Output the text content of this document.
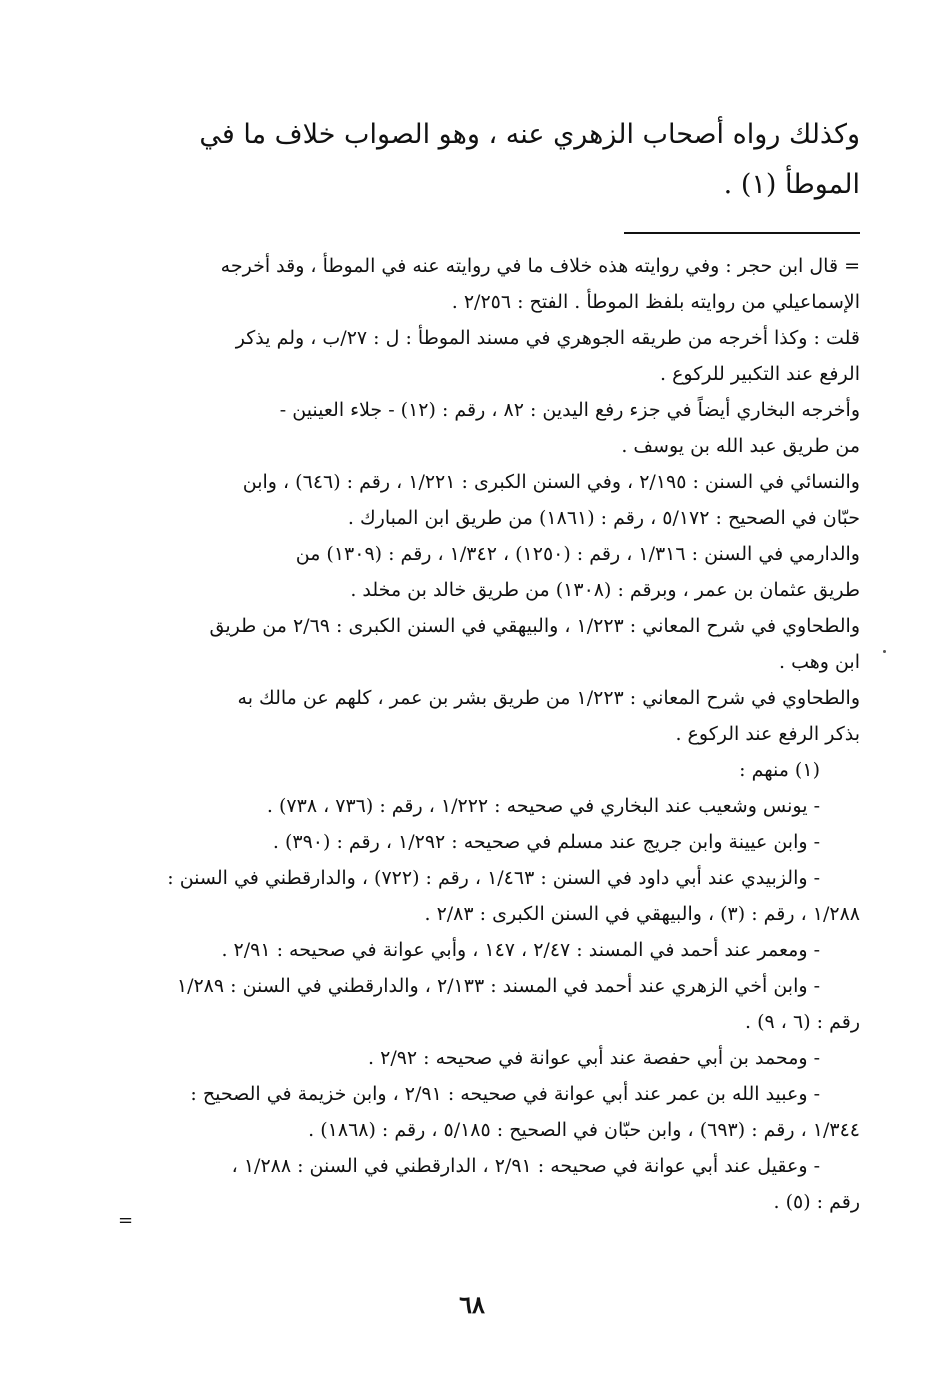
وكذلك رواه أصحاب الزهري عنه ، وهو الصواب خلاف ما في

الموطأ (١) .

= قال ابن حجر : وفي روايته هذه خلاف ما في روايته عنه في الموطأ ، وقد أخرجه

الإسماعيلي من روايته بلفظ الموطأ . الفتح : ٢/٢٥٦ .

قلت : وكذا أخرجه من طريقه الجوهري في مسند الموطأ : ل : ٢٧/ب ، ولم يذكر

الرفع عند التكبير للركوع .

وأخرجه البخاري أيضاً في جزء رفع اليدين : ٨٢ ، رقم : (١٢) - جلاء العينين -

من طريق عبد الله بن يوسف .

والنسائي في السنن : ٢/١٩٥ ، وفي السنن الكبرى : ١/٢٢١ ، رقم : (٦٤٦) ، وابن

حبّان في الصحيح : ٥/١٧٢ ، رقم : (١٨٦١) من طريق ابن المبارك .

والدارمي في السنن : ١/٣١٦ ، رقم : (١٢٥٠) ، ١/٣٤٢ ، رقم : (١٣٠٩) من

طريق عثمان بن عمر ، وبرقم : (١٣٠٨) من طريق خالد بن مخلد .

والطحاوي في شرح المعاني : ١/٢٢٣ ، والبيهقي في السنن الكبرى : ٢/٦٩ من طريق

ابن وهب .

والطحاوي في شرح المعاني : ١/٢٢٣ من طريق بشر بن عمر ، كلهم عن مالك به

بذكر الرفع عند الركوع .

(١) منهم :

- يونس وشعيب عند البخاري في صحيحه : ١/٢٢٢ ، رقم : (٧٣٦ ، ٧٣٨) .

- وابن عيينة وابن جريج عند مسلم في صحيحه : ١/٢٩٢ ، رقم : (٣٩٠) .

- والزبيدي عند أبي داود في السنن : ١/٤٦٣ ، رقم : (٧٢٢) ، والدارقطني في السنن :

١/٢٨٨ ، رقم : (٣) ، والبيهقي في السنن الكبرى : ٢/٨٣ .

- ومعمر عند أحمد في المسند : ٢/٤٧ ، ١٤٧ ، وأبي عوانة في صحيحه : ٢/٩١ .

- وابن أخي الزهري عند أحمد في المسند : ٢/١٣٣ ، والدارقطني في السنن : ١/٢٨٩

رقم : (٦ ، ٩) .

- ومحمد بن أبي حفصة عند أبي عوانة في صحيحه : ٢/٩٢ .

- وعبيد الله بن عمر عند أبي عوانة في صحيحه : ٢/٩١ ، وابن خزيمة في الصحيح :

١/٣٤٤ ، رقم : (٦٩٣) ، وابن حبّان في الصحيح : ٥/١٨٥ ، رقم : (١٨٦٨) .

- وعقيل عند أبي عوانة في صحيحه : ٢/٩١ ، الدارقطني في السنن : ١/٢٨٨ ،

رقم : (٥) .

=
٦٨
